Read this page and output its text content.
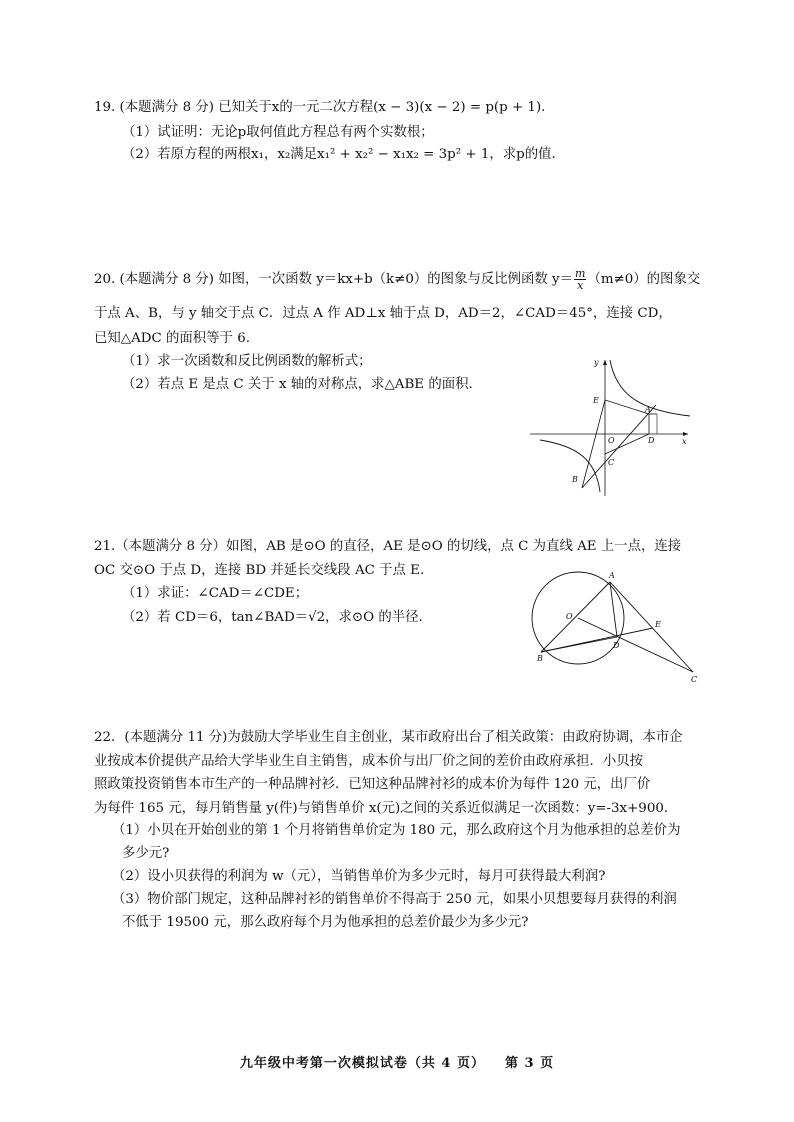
19. (本题满分 8 分) 已知关于x的一元二次方程(x − 3)(x − 2) = p(p + 1).
（1）试证明：无论p取何值此方程总有两个实数根；
（2）若原方程的两根x₁，x₂满足x₁² + x₂² − x₁x₂ = 3p² + 1，求p的值.
20. (本题满分 8 分) 如图，一次函数 y＝kx+b（k≠0）的图象与反比例函数 $y= \frac{m}{x} (m\ne 0)$的图象交
于点 A、B，与 y 轴交于点 C．过点 A 作 AD⊥x 轴于点 D，AD＝2，∠CAD＝45°，连接 CD，
已知△ADC 的面积等于 6.
（1）求一次函数和反比例函数的解析式；
（2）若点 E 是点 C 关于 x 轴的对称点，求△ABE 的面积.
y
x
E
A
O	D
C
B
21.（本题满分 8 分）如图，AB 是⊙O 的直径，AE 是⊙O 的切线，点 C 为直线 AE 上一点，连接
OC 交⊙O 于点 D，连接 BD 并延长交线段 AC 于点 E.
（1）求证：∠CAD＝∠CDE；
（2）若 CD＝6，tan∠BAD＝√2，求⊙O 的半径.
A
O
E
D
B
C
22．(本题满分 11 分)为鼓励大学毕业生自主创业，某市政府出台了相关政策：由政府协调，本市企
业按成本价提供产品给大学毕业生自主销售，成本价与出厂价之间的差价由政府承担．小贝按
照政策投资销售本市生产的一种品牌衬衫．已知这种品牌衬衫的成本价为每件 120 元，出厂价
为每件 165 元，每月销售量 y(件)与销售单价 x(元)之间的关系近似满足一次函数：y=-3x+900．
（1）小贝在开始创业的第 1 个月将销售单价定为 180 元，那么政府这个月为他承担的总差价为
多少元?
（2）设小贝获得的利润为 w（元），当销售单价为多少元时，每月可获得最大利润?
（3）物价部门规定，这种品牌衬衫的销售单价不得高于 250 元，如果小贝想要每月获得的利润
不低于 19500 元，那么政府每个月为他承担的总差价最少为多少元?
九年级中考第一次模拟试卷（共 4 页） 第 3 页
